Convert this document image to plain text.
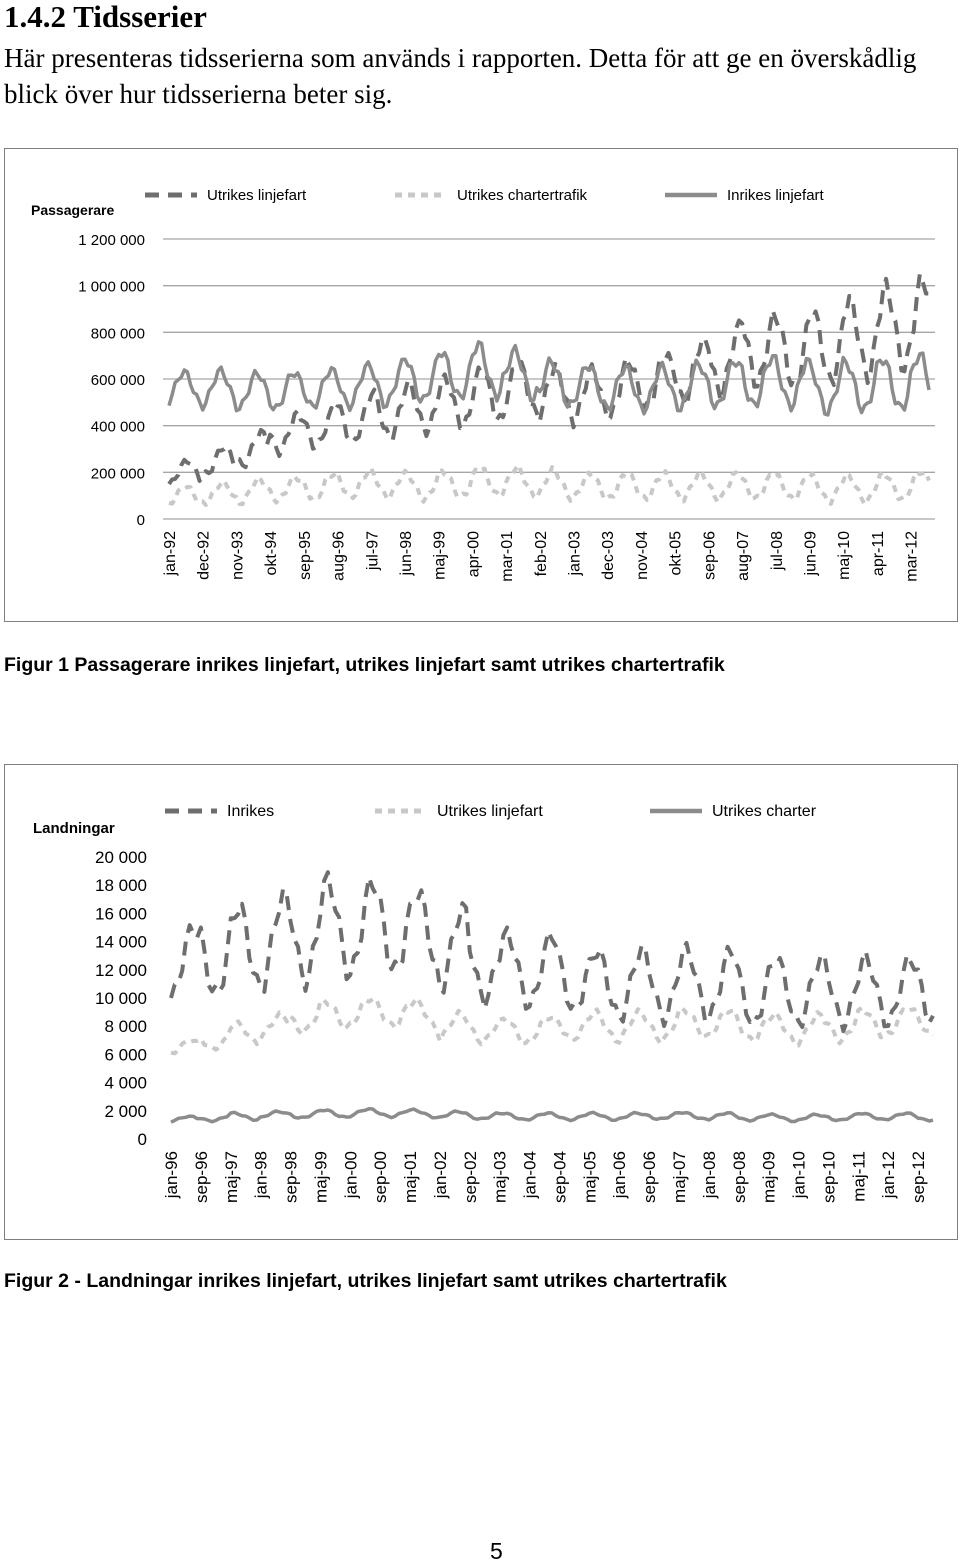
1.4.2 Tidsserier

Här presenteras tidsserierna som används i rapporten. Detta för att ge en överskådlig blick över hur tidsserierna beter sig.

Passagerare
0
200 000
400 000
600 000
800 000
1 000 000
1 200 000
jan-92 dec-92 nov-93 okt-94 sep-95 aug-96 jul-97 jun-98 maj-99 apr-00 mar-01 feb-02 jan-03 dec-03 nov-04 okt-05 sep-06 aug-07 jul-08 jun-09 maj-10 apr-11 mar-12
Utrikes linjefart	Utrikes chartertrafik	Inrikes linjefart

Figur 1 Passagerare inrikes linjefart, utrikes linjefart samt utrikes chartertrafik

Landningar
0
2 000
4 000
6 000
8 000
10 000
12 000
14 000
16 000
18 000
20 000
jan-96 sep-96 maj-97 jan-98 sep-98 maj-99 jan-00 sep-00 maj-01 jan-02 sep-02 maj-03 jan-04 sep-04 maj-05 jan-06 sep-06 maj-07 jan-08 sep-08 maj-09 jan-10 sep-10 maj-11 jan-12 sep-12
Inrikes	Utrikes linjefart	Utrikes charter

Figur 2 - Landningar inrikes linjefart, utrikes linjefart samt utrikes chartertrafik

5
